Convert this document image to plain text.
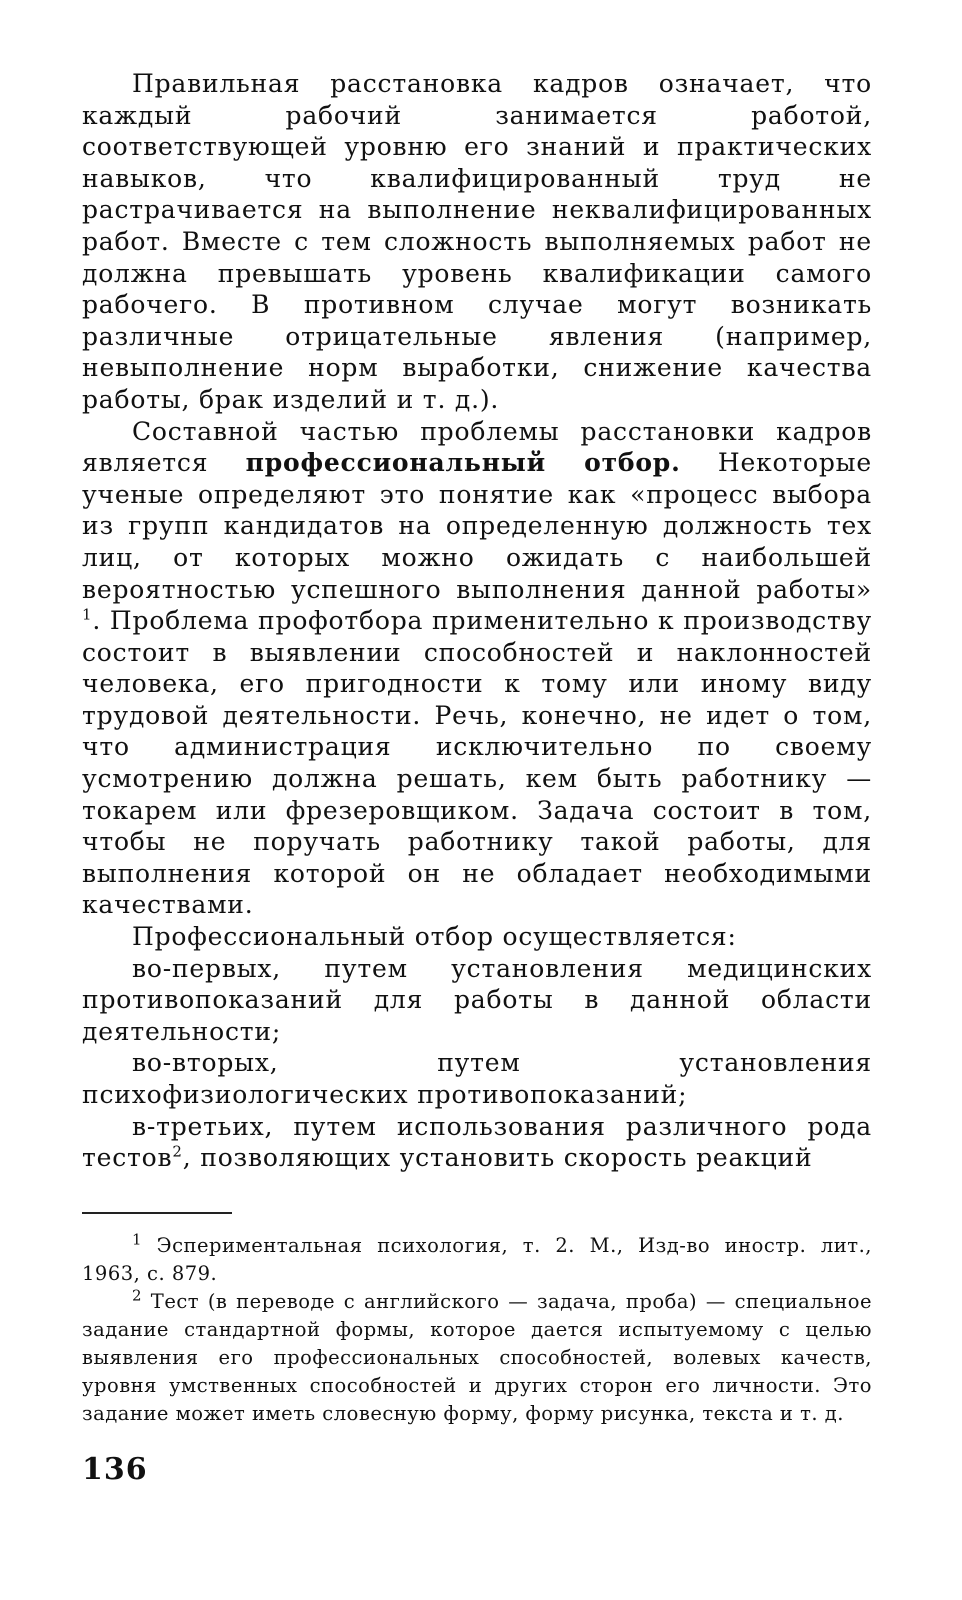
Правильная расстановка кадров означает, что каждый рабочий занимается работой, соответствующей уровню его знаний и практических навыков, что квалифицированный труд не растрачивается на выполнение неквалифицированных работ. Вместе с тем сложность выполняемых работ не должна превышать уровень квалификации самого рабочего. В противном случае могут возникать различные отрицательные явления (например, невыполнение норм выработки, снижение качества работы, брак изделий и т. д.).

Составной частью проблемы расстановки кадров является профессиональный отбор. Некоторые ученые определяют это понятие как «процесс выбора из групп кандидатов на определенную должность тех лиц, от которых можно ожидать с наибольшей вероятностью успешного выполнения данной работы» $^1$. Проблема профотбора применительно к производству состоит в выявлении способностей и наклонностей человека, его пригодности к тому или иному виду трудовой деятельности. Речь, конечно, не идет о том, что администрация исключительно по своему усмотрению должна решать, кем быть работнику — токарем или фрезеровщиком. Задача состоит в том, чтобы не поручать работнику такой работы, для выполнения которой он не обладает необходимыми качествами.

Профессиональный отбор осуществляется:

во-первых, путем установления медицинских противопоказаний для работы в данной области деятельности;

во-вторых, путем установления психофизиологических противопоказаний;

в-третьих, путем использования различного рода тестов$^2$, позволяющих установить скорость реакций

$^1$ Эспериментальная психология, т. 2. М., Изд-во иностр. лит., 1963, с. 879.

$^2$ Тест (в переводе с английского — задача, проба) — специальное задание стандартной формы, которое дается испытуемому с целью выявления его профессиональных способностей, волевых качеств, уровня умственных способностей и других сторон его личности. Это задание может иметь словесную форму, форму рисунка, текста и т. д.

136
